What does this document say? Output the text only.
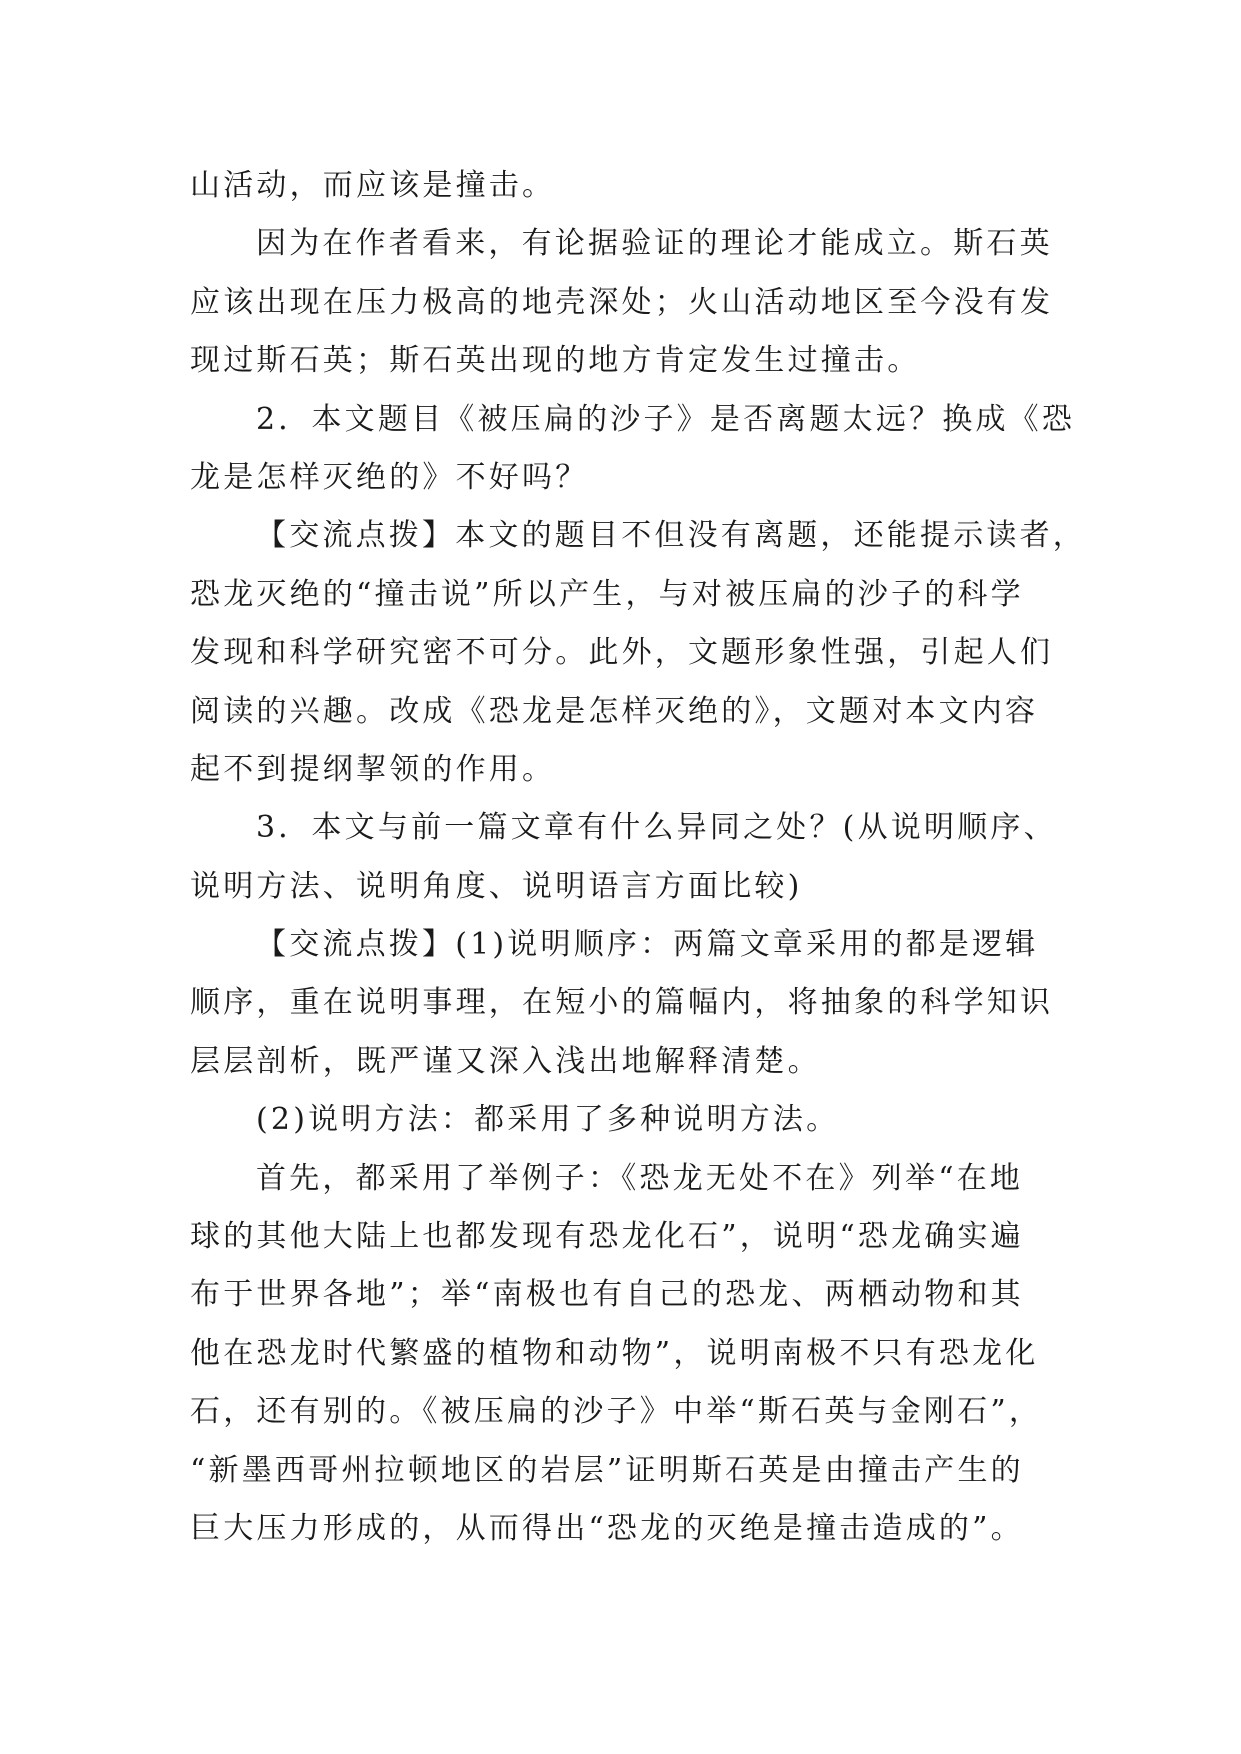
山活动，而应该是撞击。
因为在作者看来，有论据验证的理论才能成立。斯石英
应该出现在压力极高的地壳深处；火山活动地区至今没有发
现过斯石英；斯石英出现的地方肯定发生过撞击。
2．本文题目《被压扁的沙子》是否离题太远？换成《恐
龙是怎样灭绝的》不好吗？
【交流点拨】本文的题目不但没有离题，还能提示读者，
恐龙灭绝的“撞击说”所以产生，与对被压扁的沙子的科学
发现和科学研究密不可分。此外，文题形象性强，引起人们
阅读的兴趣。改成《恐龙是怎样灭绝的》，文题对本文内容
起不到提纲挈领的作用。
3．本文与前一篇文章有什么异同之处？(从说明顺序、
说明方法、说明角度、说明语言方面比较)
【交流点拨】(1)说明顺序：两篇文章采用的都是逻辑
顺序，重在说明事理，在短小的篇幅内，将抽象的科学知识
层层剖析，既严谨又深入浅出地解释清楚。
(2)说明方法：都采用了多种说明方法。
首先，都采用了举例子：《恐龙无处不在》列举“在地
球的其他大陆上也都发现有恐龙化石”，说明“恐龙确实遍
布于世界各地”；举“南极也有自己的恐龙、两栖动物和其
他在恐龙时代繁盛的植物和动物”，说明南极不只有恐龙化
石，还有别的。《被压扁的沙子》中举“斯石英与金刚石”，
“新墨西哥州拉顿地区的岩层”证明斯石英是由撞击产生的
巨大压力形成的，从而得出“恐龙的灭绝是撞击造成的”。
